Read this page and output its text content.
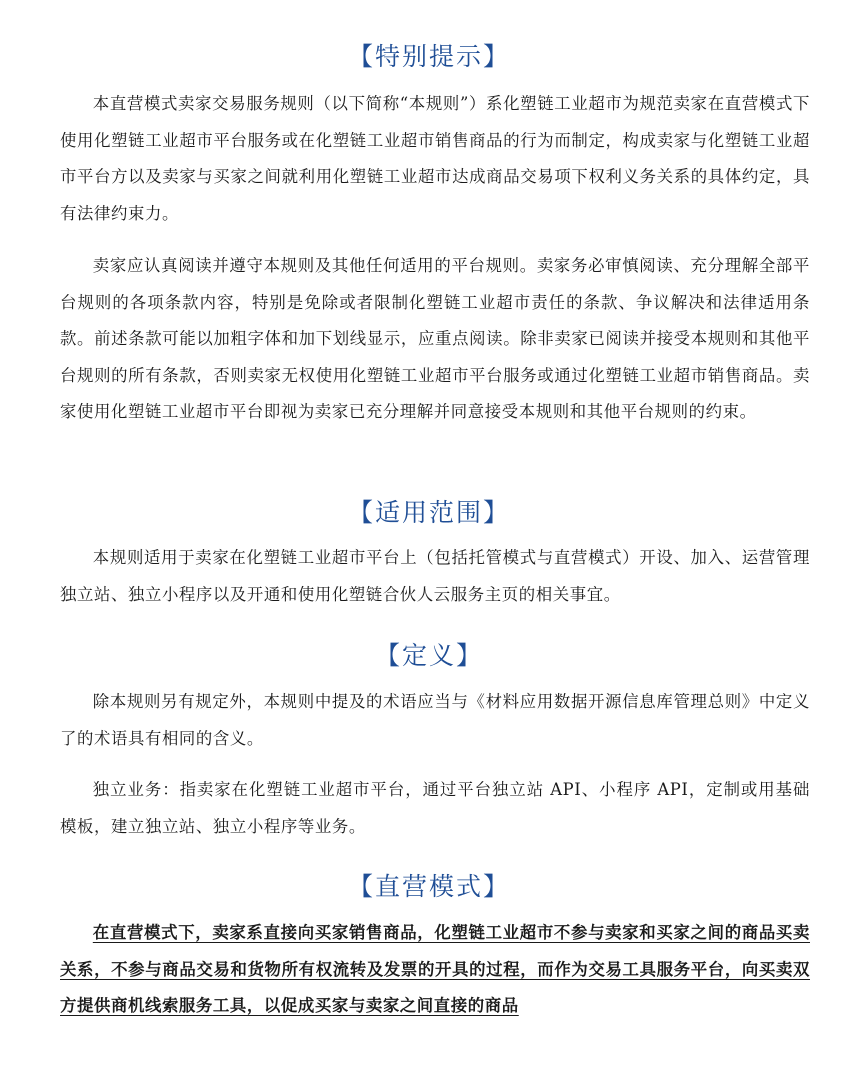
【特别提示】

本直营模式卖家交易服务规则（以下简称“本规则”）系化塑链工业超市为规范卖家在直营模式下使用化塑链工业超市平台服务或在化塑链工业超市销售商品的行为而制定，构成卖家与化塑链工业超市平台方以及卖家与买家之间就利用化塑链工业超市达成商品交易项下权利义务关系的具体约定，具有法律约束力。

卖家应认真阅读并遵守本规则及其他任何适用的平台规则。卖家务必审慎阅读、充分理解全部平台规则的各项条款内容，特别是免除或者限制化塑链工业超市责任的条款、争议解决和法律适用条款。前述条款可能以加粗字体和加下划线显示，应重点阅读。除非卖家已阅读并接受本规则和其他平台规则的所有条款，否则卖家无权使用化塑链工业超市平台服务或通过化塑链工业超市销售商品。卖家使用化塑链工业超市平台即视为卖家已充分理解并同意接受本规则和其他平台规则的约束。

【适用范围】

本规则适用于卖家在化塑链工业超市平台上（包括托管模式与直营模式）开设、加入、运营管理独立站、独立小程序以及开通和使用化塑链合伙人云服务主页的相关事宜。

【定义】

除本规则另有规定外，本规则中提及的术语应当与《材料应用数据开源信息库管理总则》中定义了的术语具有相同的含义。

独立业务：指卖家在化塑链工业超市平台，通过平台独立站 API、小程序 API，定制或用基础模板，建立独立站、独立小程序等业务。

【直营模式】

在直营模式下，卖家系直接向买家销售商品，化塑链工业超市不参与卖家和买家之间的商品买卖关系，不参与商品交易和货物所有权流转及发票的开具的过程，而作为交易工具服务平台，向买卖双方提供商机线索服务工具，以促成买家与卖家之间直接的商品
